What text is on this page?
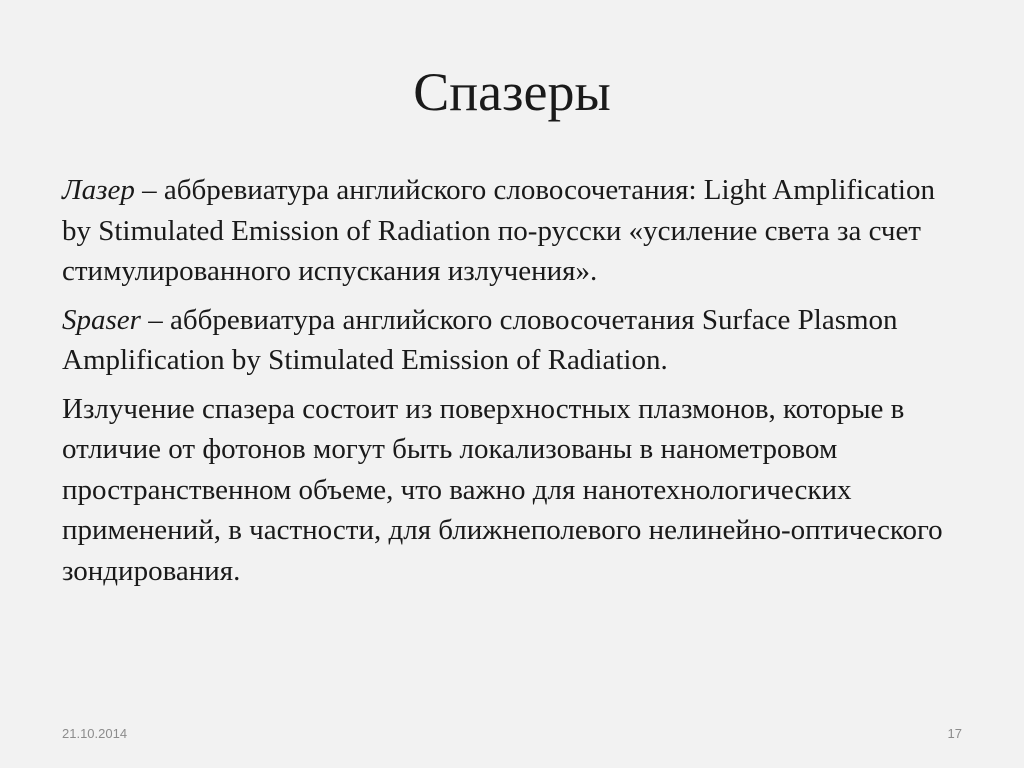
Спазеры

Лазер – аббревиатура английского словосочетания: Light Amplification by Stimulated Emission of Radiation по-русски «усиление света за счет стимулированного испускания излучения».

Spaser – аббревиатура английского словосочетания Surface Plasmon Amplification by Stimulated Emission of Radiation.

Излучение спазера состоит из поверхностных плазмонов, которые в отличие от фотонов могут быть локализованы в нанометровом пространственном объеме, что важно для нанотехнологических применений, в частности, для ближнеполевого нелинейно-оптического зондирования.

21.10.2014	17
